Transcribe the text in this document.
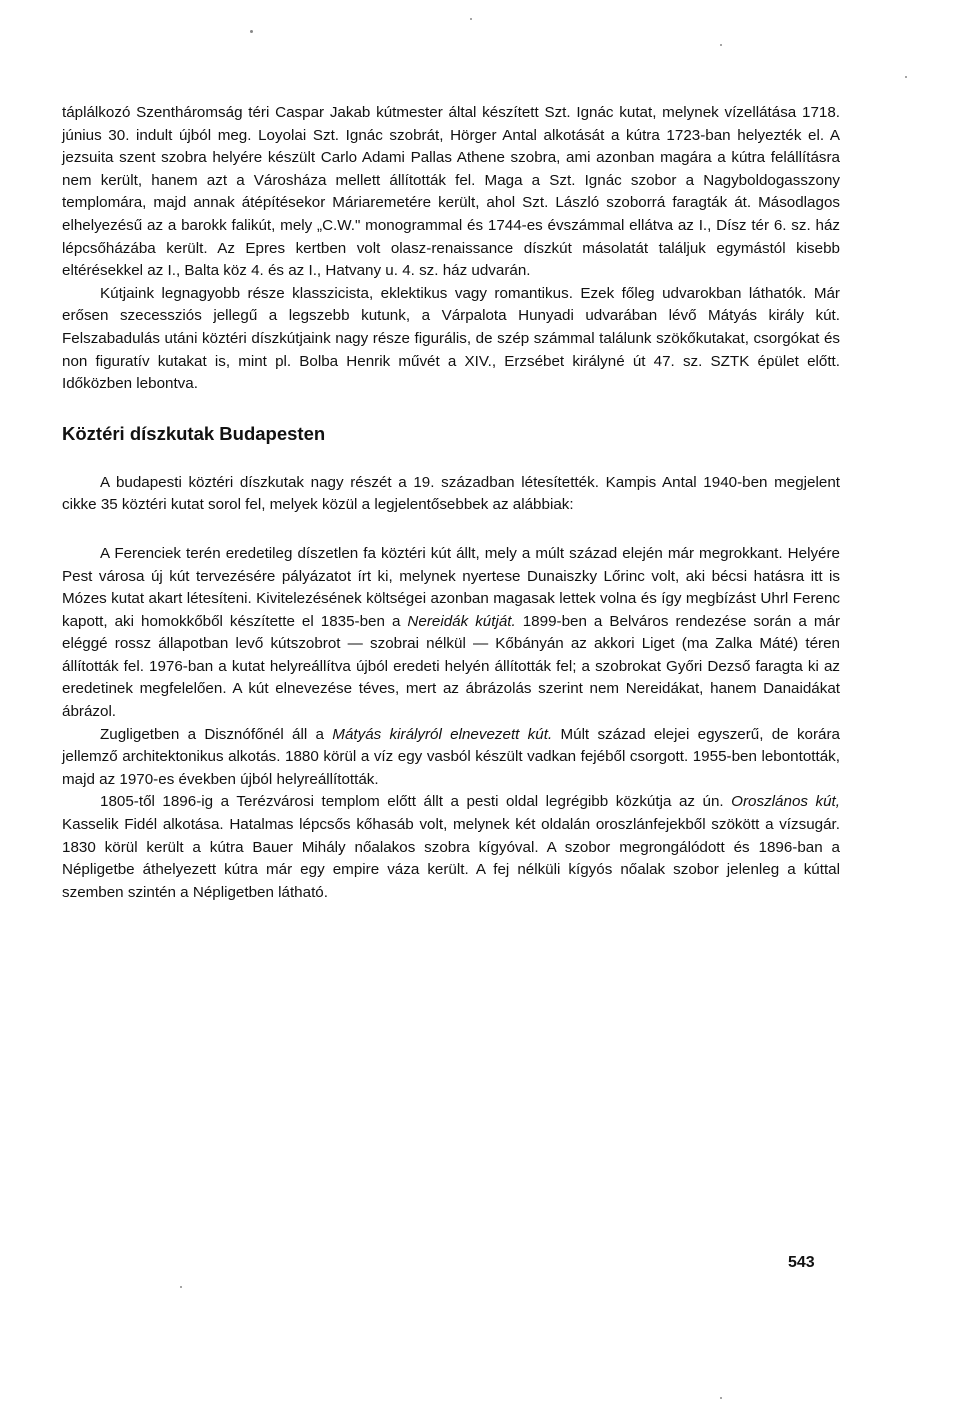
táplálkozó Szentháromság téri Caspar Jakab kútmester által készített Szt. Ignác kutat, melynek vízellátása 1718. június 30. indult újból meg. Loyolai Szt. Ignác szobrát, Hörger Antal alkotását a kútra 1723-ban helyezték el. A jezsuita szent szobra helyére készült Carlo Adami Pallas Athene szobra, ami azonban magára a kútra felállításra nem került, hanem azt a Városháza mellett állították fel. Maga a Szt. Ignác szobor a Nagyboldogasszony templomára, majd annak átépítésekor Máriaremetére került, ahol Szt. László szoborrá faragták át. Másodlagos elhelyezésű az a barokk falikút, mely „C.W." monogrammal és 1744-es évszámmal ellátva az I., Dísz tér 6. sz. ház lépcsőházába került. Az Epres kertben volt olasz-renaissance díszkút másolatát találjuk egymástól kisebb eltérésekkel az I., Balta köz 4. és az I., Hatvany u. 4. sz. ház udvarán.

Kútjaink legnagyobb része klasszicista, eklektikus vagy romantikus. Ezek főleg udvarokban láthatók. Már erősen szecessziós jellegű a legszebb kutunk, a Várpalota Hunyadi udvarában lévő Mátyás király kút. Felszabadulás utáni köztéri díszkútjaink nagy része figurális, de szép számmal találunk szökőkutakat, csorgókat és non figuratív kutakat is, mint pl. Bolba Henrik művét a XIV., Erzsébet királyné út 47. sz. SZTK épület előtt. Időközben lebontva.

Köztéri díszkutak Budapesten

A budapesti köztéri díszkutak nagy részét a 19. században létesítették. Kampis Antal 1940-ben megjelent cikke 35 köztéri kutat sorol fel, melyek közül a legjelentősebbek az alábbiak:

A Ferenciek terén eredetileg díszetlen fa köztéri kút állt, mely a múlt század elején már megrokkant. Helyére Pest városa új kút tervezésére pályázatot írt ki, melynek nyertese Dunaiszky Lőrinc volt, aki bécsi hatásra itt is Mózes kutat akart létesíteni. Kivitelezésének költségei azonban magasak lettek volna és így megbízást Uhrl Ferenc kapott, aki homokkőből készítette el 1835-ben a Nereidák kútját. 1899-ben a Belváros rendezése során a már eléggé rossz állapotban levő kútszobrot — szobrai nélkül — Kőbányán az akkori Liget (ma Zalka Máté) téren állították fel. 1976-ban a kutat helyreállítva újból eredeti helyén állították fel; a szobrokat Győri Dezső faragta ki az eredetinek megfelelően. A kút elnevezése téves, mert az ábrázolás szerint nem Nereidákat, hanem Danaidákat ábrázol.

Zugligetben a Disznófőnél áll a Mátyás királyról elnevezett kút. Múlt század elejei egyszerű, de korára jellemző architektonikus alkotás. 1880 körül a víz egy vasból készült vadkan fejéből csorgott. 1955-ben lebontották, majd az 1970-es években újból helyreállították.

1805-től 1896-ig a Terézvárosi templom előtt állt a pesti oldal legrégibb közkútja az ún. Oroszlános kút, Kasselik Fidél alkotása. Hatalmas lépcsős kőhasáb volt, melynek két oldalán oroszlánfejekből szökött a vízsugár. 1830 körül került a kútra Bauer Mihály nőalakos szobra kígyóval. A szobor megrongálódott és 1896-ban a Népligetbe áthelyezett kútra már egy empire váza került. A fej nélküli kígyós nőalak szobor jelenleg a kúttal szemben szintén a Népligetben látható.

543
